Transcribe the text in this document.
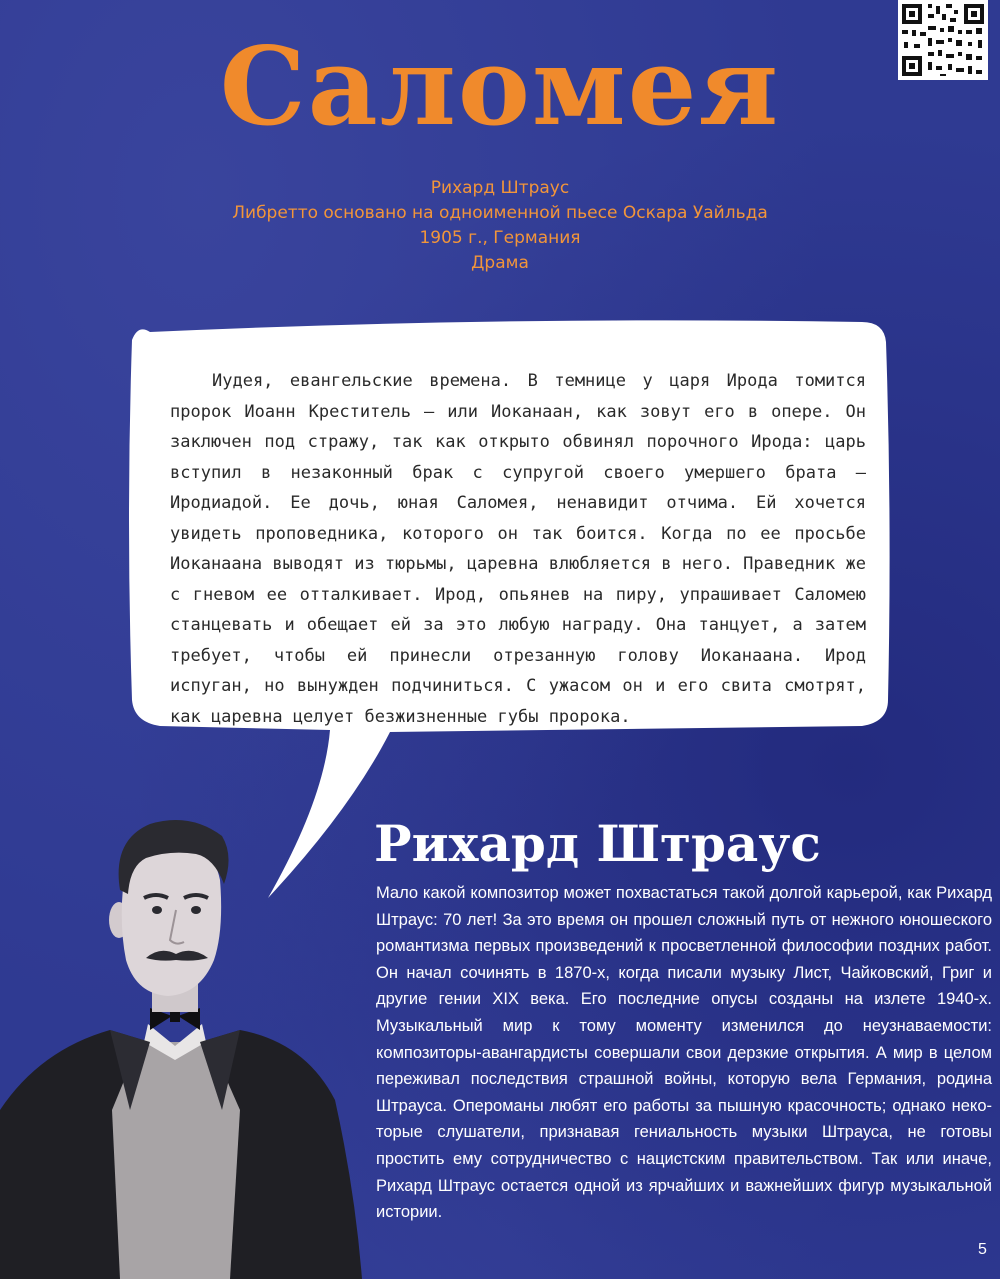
Саломея
Рихард Штраус
Либретто основано на одноименной пьесе Оскара Уайльда
1905 г., Германия
Драма

Иудея, евангельские времена. В темнице у царя Ирода томится пророк Иоанн Креститель — или Иоканаан, как зовут его в опере. Он заключен под стражу, так как открыто обвинял порочного Ирода: царь вступил в незаконный брак с супругой своего умершего брата — Иродиадой. Ее дочь, юная Саломея, ненавидит отчима. Ей хочется увидеть проповедника, которого он так боится. Когда по ее просьбе Иоканаана выводят из тюрьмы, царевна влюбляется в него. Праведник же с гневом ее отталкивает. Ирод, опьянев на пиру, упрашивает Саломею станцевать и обещает ей за это любую награду. Она танцует, а затем требует, чтобы ей принесли отрезанную голову Иоканаана. Ирод испуган, но вынужден подчиниться. С ужасом он и его свита смотрят, как царевна целует безжизненные губы пророка.

Рихард Штраус

Мало какой композитор может похвастаться такой долгой карьерой, как Рихард Штраус: 70 лет! За это время он прошел сложный путь от нежного юношеского романтизма первых произведений к просветленной философии поздних работ. Он начал сочинять в 1870-х, когда писали музыку Лист, Чайковский, Григ и другие гении XIX века. Его последние опусы созданы на излете 1940-х. Музыкальный мир к тому моменту изменился до неузнаваемости: композиторы-авангардисты совершали свои дерзкие открытия. А мир в целом переживал последствия страшной войны, которую вела Германия, родина Штрауса. Опероманы любят его работы за пышную красочность; однако некоторые слушатели, признавая гениальность музыки Штрауса, не готовы простить ему сотрудничество с нацистским правительством. Так или иначе, Рихард Штраус остается одной из ярчайших и важнейших фигур музыкальной истории.

5
